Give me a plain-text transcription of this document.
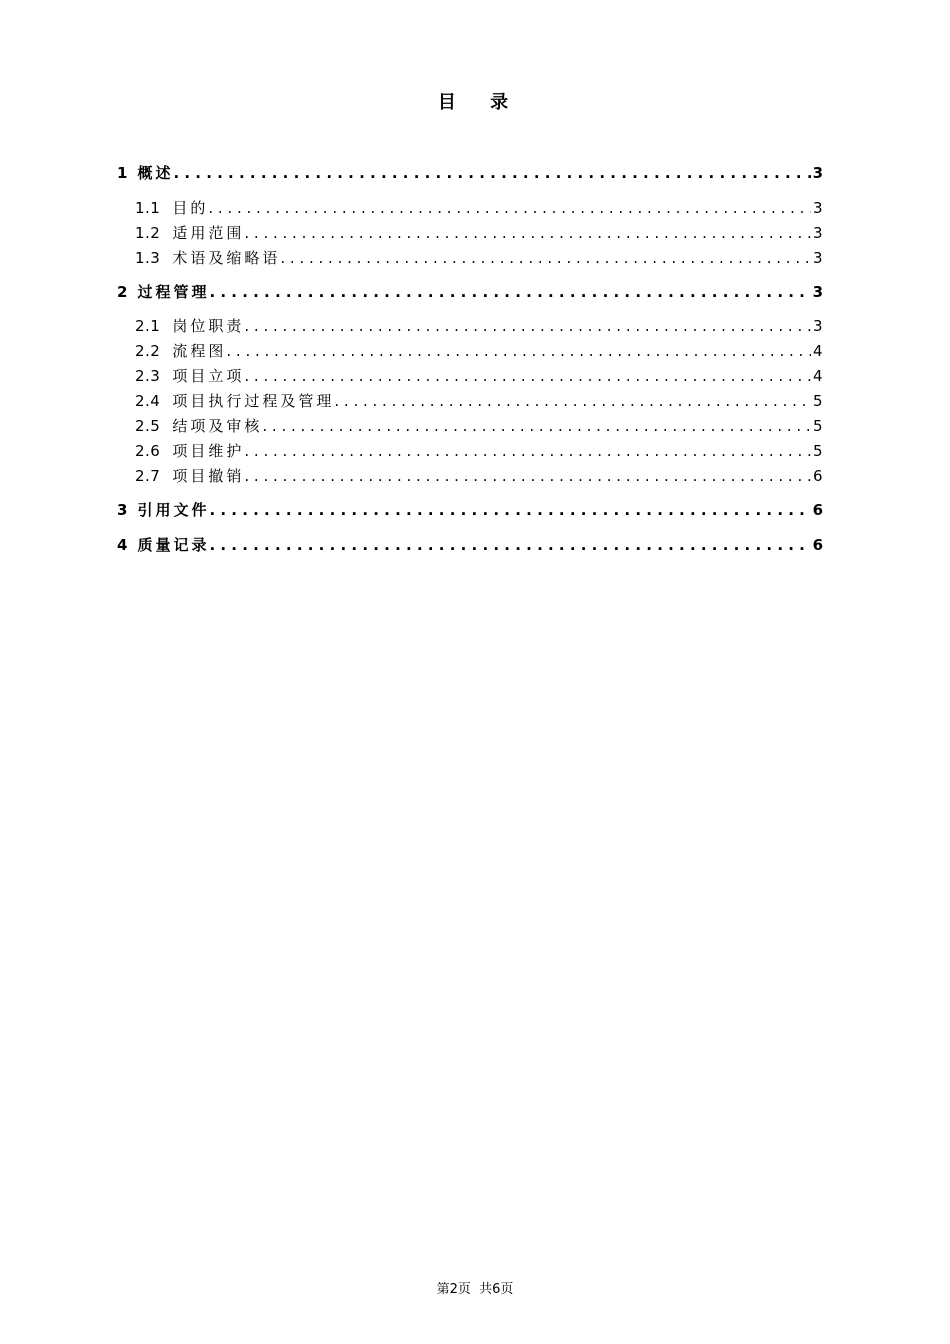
目 录
1 概述 . . .	3
1.1 目的 . . .	3
1.2 适用范围 . . .	3
1.3 术语及缩略语 . . .	3
2 过程管理 . . .	3
2.1 岗位职责 . . .	3
2.2 流程图 . . .	4
2.3 项目立项 . . .	4
2.4 项目执行过程及管理 . . .	5
2.5 结项及审核 . . .	5
2.6 项目维护 . . .	5
2.7 项目撤销 . . .	6
3 引用文件 . . .	6
4 质量记录 . . .	6
第2页 共6页
